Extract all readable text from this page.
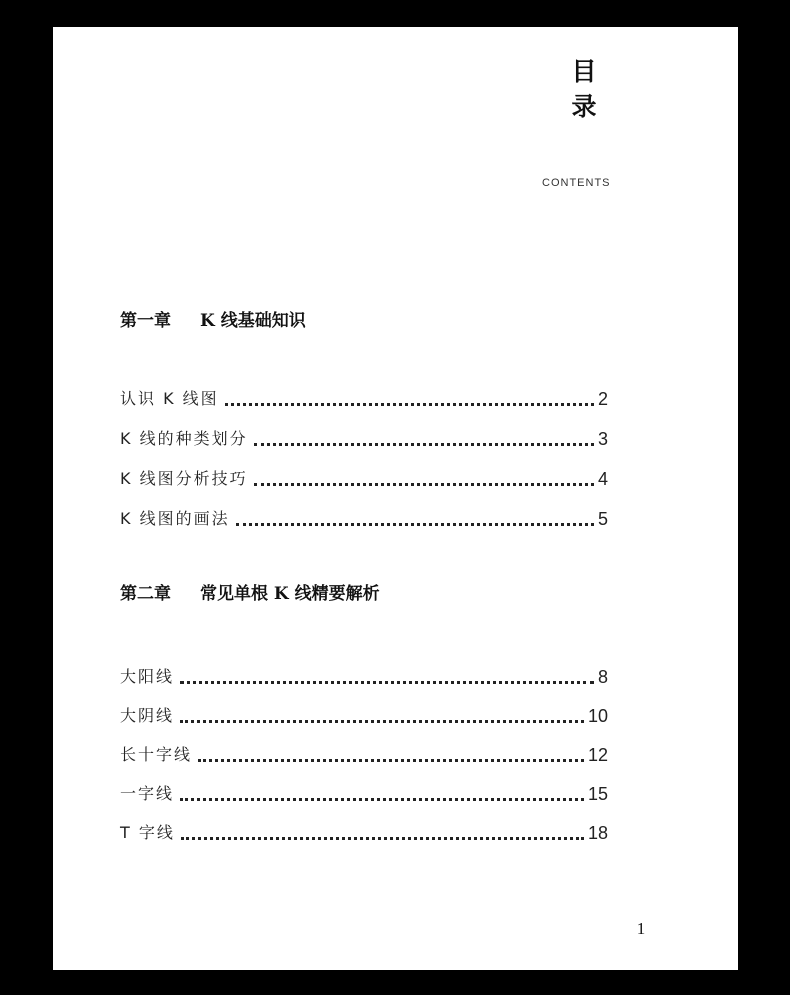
目
录
CONTENTS
第一章 K 线基础知识
认识 K 线图	2
K 线的种类划分	3
K 线图分析技巧	4
K 线图的画法	5
第二章 常见单根 K 线精要解析
大阳线	8
大阴线	10
长十字线	12
一字线	15
T 字线	18
1
